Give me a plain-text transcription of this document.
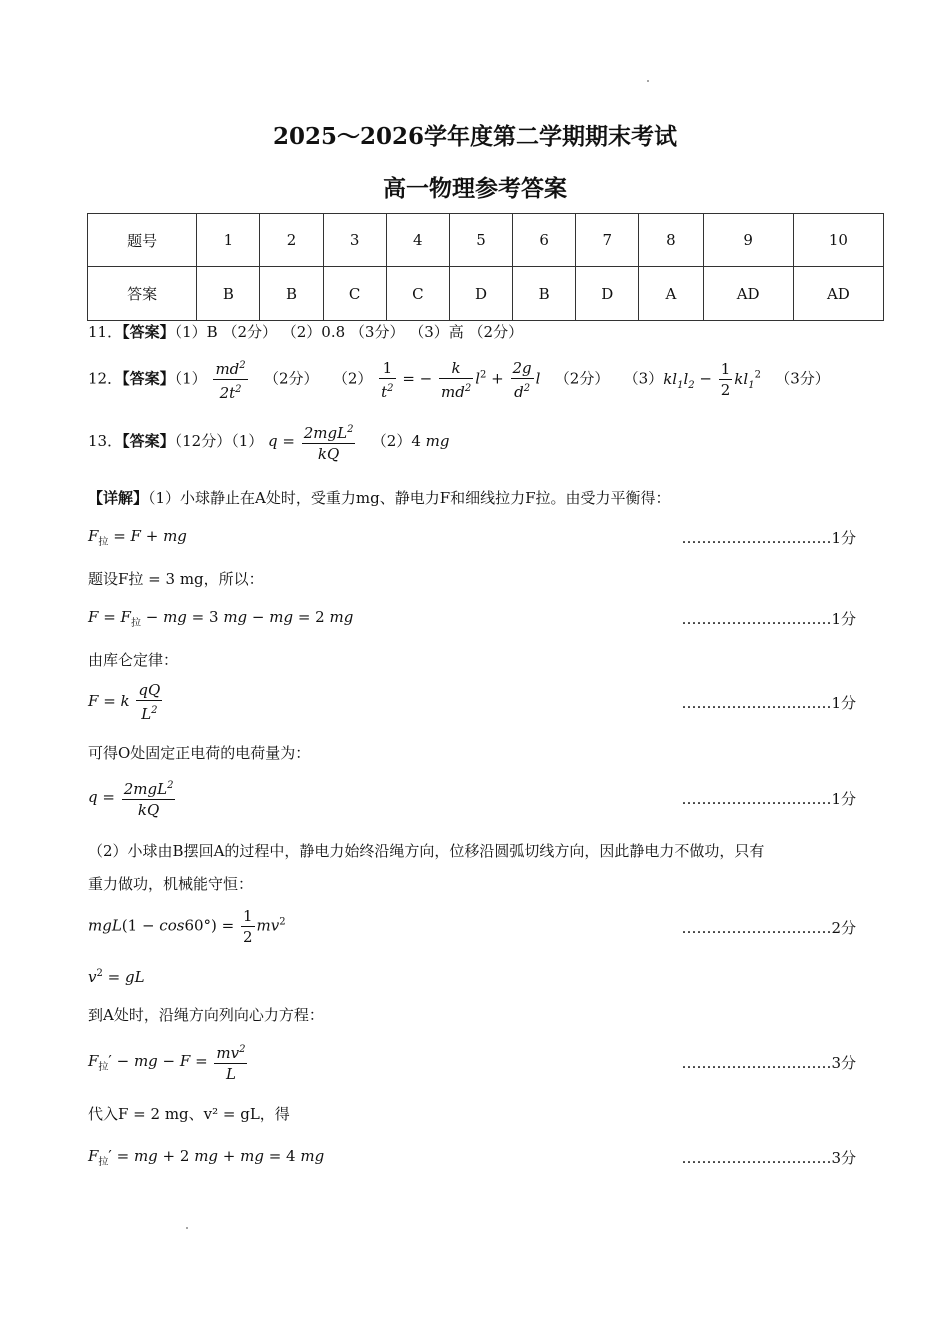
2025～2026学年度第二学期期末考试
高一物理参考答案
题号	1	2	3	4	5	6	7	8	9	10
答案	B	B	C	C	D	B	D	A	AD	AD
11．【答案】（1）B （2分） （2）0.8 （3分） （3）高 （2分）
12．【答案】$(1) \frac{md^2}{2t^2} (2$分） $(2) \frac{1}{t^2}$ = − $\frac{k}{md^2} l^2 + \frac{2g}{d^2}$ l （2分） $(3)kl_1l_2 - \frac{1}{2} kl_1^2$ （3分）
13．【答案】（12分）（1） $q = \frac{2mgL^2}{kQ} (2)4$ mg
【详解】（1）小球静止在A处时，受重力mg、静电力F和细线拉力F拉。由受力平衡得：
$F_拉 = F$ + mg	…………………………1分
题设F拉 = 3 mg，所以：
$F = F_拉$ − mg = 3 mg − mg = 2 mg	…………………………1分
由库仑定律：
F = k $\frac{qQ}{L^2}$	…………………………1分
可得O处固定正电荷的电荷量为：
$q = \frac{2mgL^2}{kQ}$	…………………………1分
（2）小球由B摆回A的过程中，静电力始终沿绳方向，位移沿圆弧切线方向，因此静电力不做功，只有
重力做功，机械能守恒：
$mgL(1 - \cos 60^\circ) = \frac{1}{2} mv^2$	…………………………2分
$v^2$ = gL
到A处时，沿绳方向列向心力方程：
$F_拉'$ − mg − $F = \frac{mv^2}{L}$	…………………………3分
代入F = 2 mg、v² = gL，得
$F_拉'$ = mg + 2 mg + mg = 4 mg	…………………………3分
